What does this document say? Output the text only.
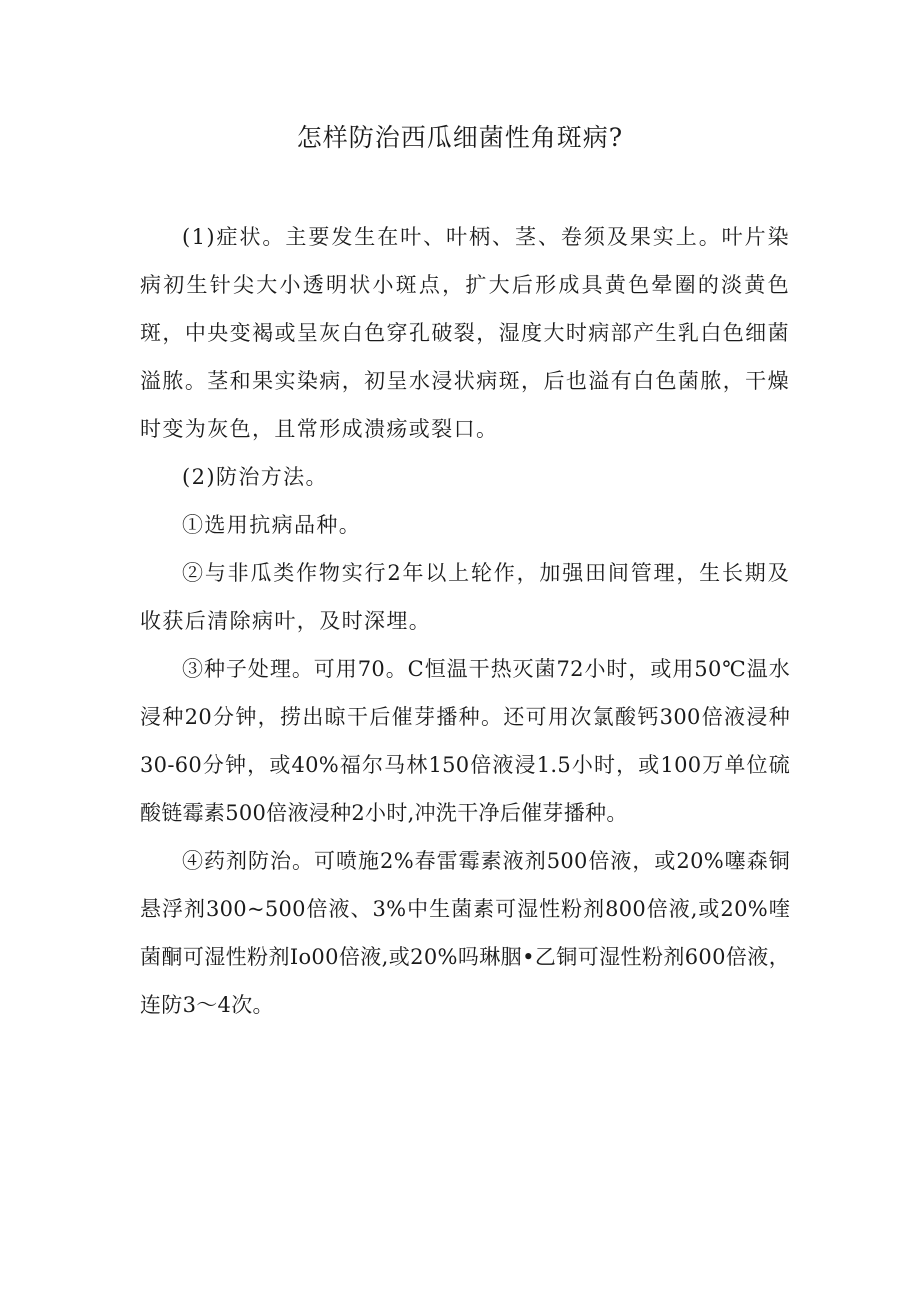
怎样防治西瓜细菌性角斑病?

(1)症状。主要发生在叶、叶柄、茎、卷须及果实上。叶片染病初生针尖大小透明状小斑点，扩大后形成具黄色晕圈的淡黄色斑，中央变褐或呈灰白色穿孔破裂，湿度大时病部产生乳白色细菌溢脓。茎和果实染病，初呈水浸状病斑，后也溢有白色菌脓，干燥时变为灰色，且常形成溃疡或裂口。

(2)防治方法。

①选用抗病品种。

②与非瓜类作物实行2年以上轮作，加强田间管理，生长期及收获后清除病叶，及时深埋。

③种子处理。可用70。C恒温干热灭菌72小时，或用50℃温水浸种20分钟，捞出晾干后催芽播种。还可用次氯酸钙300倍液浸种30-60分钟，或40%福尔马林150倍液浸1.5小时，或100万单位硫酸链霉素500倍液浸种2小时,冲洗干净后催芽播种。

④药剂防治。可喷施2%春雷霉素液剂500倍液，或20%噻森铜悬浮剂300~500倍液、3%中生菌素可湿性粉剂800倍液,或20%喹菌酮可湿性粉剂Io00倍液,或20%吗琳胭•乙铜可湿性粉剂600倍液，连防3～4次。
